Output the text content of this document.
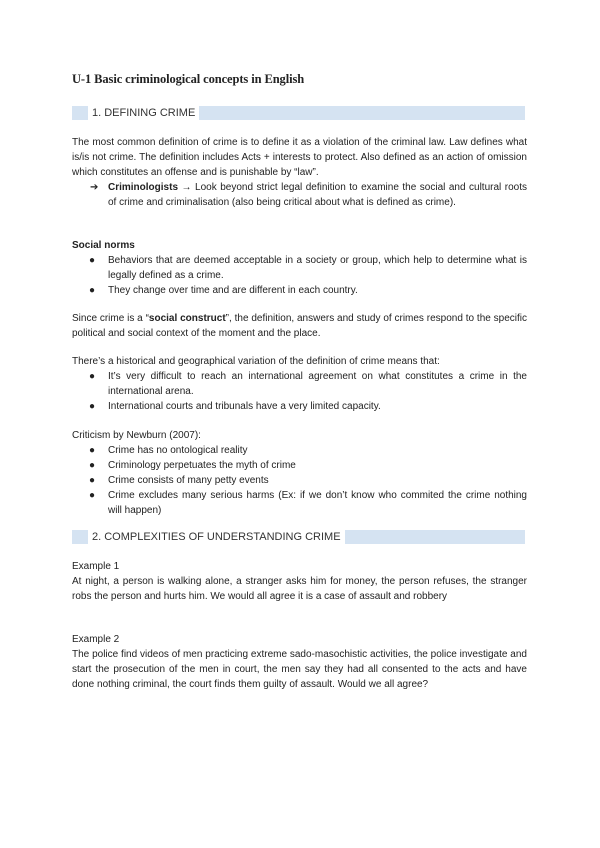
U-1 Basic criminological concepts in English
1. DEFINING CRIME

The most common definition of crime is to define it as a violation of the criminal law. Law defines what is/is not crime. The definition includes Acts + interests to protect. Also defined as an action of omission which constitutes an offense and is punishable by “law”.

➔ Criminologists → Look beyond strict legal definition to examine the social and cultural roots of crime and criminalisation (also being critical about what is defined as crime).
Social norms
● Behaviors that are deemed acceptable in a society or group, which help to determine what is legally defined as a crime.
● They change over time and are different in each country.

Since crime is a “social construct”, the definition, answers and study of crimes respond to the specific political and social context of the moment and the place.

There’s a historical and geographical variation of the definition of crime means that:
● It’s very difficult to reach an international agreement on what constitutes a crime in the international arena.
● International courts and tribunals have a very limited capacity.
Criticism by Newburn (2007):
● Crime has no ontological reality
● Criminology perpetuates the myth of crime
● Crime consists of many petty events
● Crime excludes many serious harms (Ex: if we don’t know who commited the crime nothing will happen)
2. COMPLEXITIES OF UNDERSTANDING CRIME
Example 1
At night, a person is walking alone, a stranger asks him for money, the person refuses, the stranger robs the person and hurts him. We would all agree it is a case of assault and robbery
Example 2
The police find videos of men practicing extreme sado-masochistic activities, the police investigate and start the prosecution of the men in court, the men say they had all consented to the acts and have done nothing criminal, the court finds them guilty of assault. Would we all agree?
